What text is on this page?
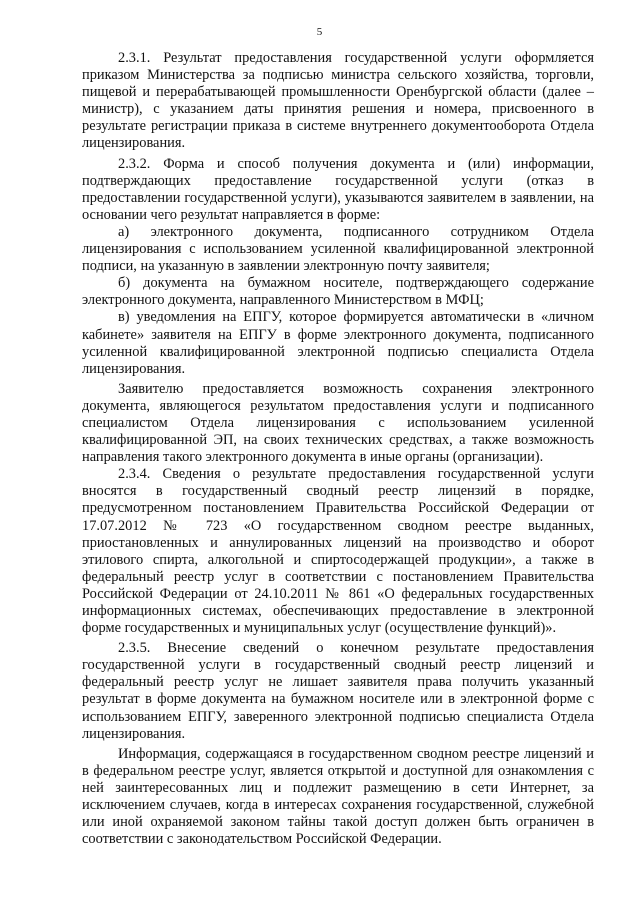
5

2.3.1. Результат предоставления государственной услуги оформляется приказом Министерства за подписью министра сельского хозяйства, торговли, пищевой и перерабатывающей промышленности Оренбургской области (далее – министр), с указанием даты принятия решения и номера, присвоенного в результате регистрации приказа в системе внутреннего документооборота Отдела лицензирования.

2.3.2. Форма и способ получения документа и (или) информации, подтверждающих предоставление государственной услуги (отказ в предоставлении государственной услуги), указываются заявителем в заявлении, на основании чего результат направляется в форме:

а) электронного документа, подписанного сотрудником Отдела лицензирования с использованием усиленной квалифицированной электронной подписи, на указанную в заявлении электронную почту заявителя;

б) документа на бумажном носителе, подтверждающего содержание электронного документа, направленного Министерством в МФЦ;

в) уведомления на ЕПГУ, которое формируется автоматически в «личном кабинете» заявителя на ЕПГУ в форме электронного документа, подписанного усиленной квалифицированной электронной подписью специалиста Отдела лицензирования.

Заявителю предоставляется возможность сохранения электронного документа, являющегося результатом предоставления услуги и подписанного специалистом Отдела лицензирования с использованием усиленной квалифицированной ЭП, на своих технических средствах, а также возможность направления такого электронного документа в иные органы (организации).

2.3.4. Сведения о результате предоставления государственной услуги вносятся в государственный сводный реестр лицензий в порядке, предусмотренном постановлением Правительства Российской Федерации от 17.07.2012 № 723 «О государственном сводном реестре выданных, приостановленных и аннулированных лицензий на производство и оборот этилового спирта, алкогольной и спиртосодержащей продукции», а также в федеральный реестр услуг в соответствии с постановлением Правительства Российской Федерации от 24.10.2011 № 861 «О федеральных государственных информационных системах, обеспечивающих предоставление в электронной форме государственных и муниципальных услуг (осуществление функций)».

2.3.5. Внесение сведений о конечном результате предоставления государственной услуги в государственный сводный реестр лицензий и федеральный реестр услуг не лишает заявителя права получить указанный результат в форме документа на бумажном носителе или в электронной форме с использованием ЕПГУ, заверенного электронной подписью специалиста Отдела лицензирования.

Информация, содержащаяся в государственном сводном реестре лицензий и в федеральном реестре услуг, является открытой и доступной для ознакомления с ней заинтересованных лиц и подлежит размещению в сети Интернет, за исключением случаев, когда в интересах сохранения государственной, служебной или иной охраняемой законом тайны такой доступ должен быть ограничен в соответствии с законодательством Российской Федерации.
